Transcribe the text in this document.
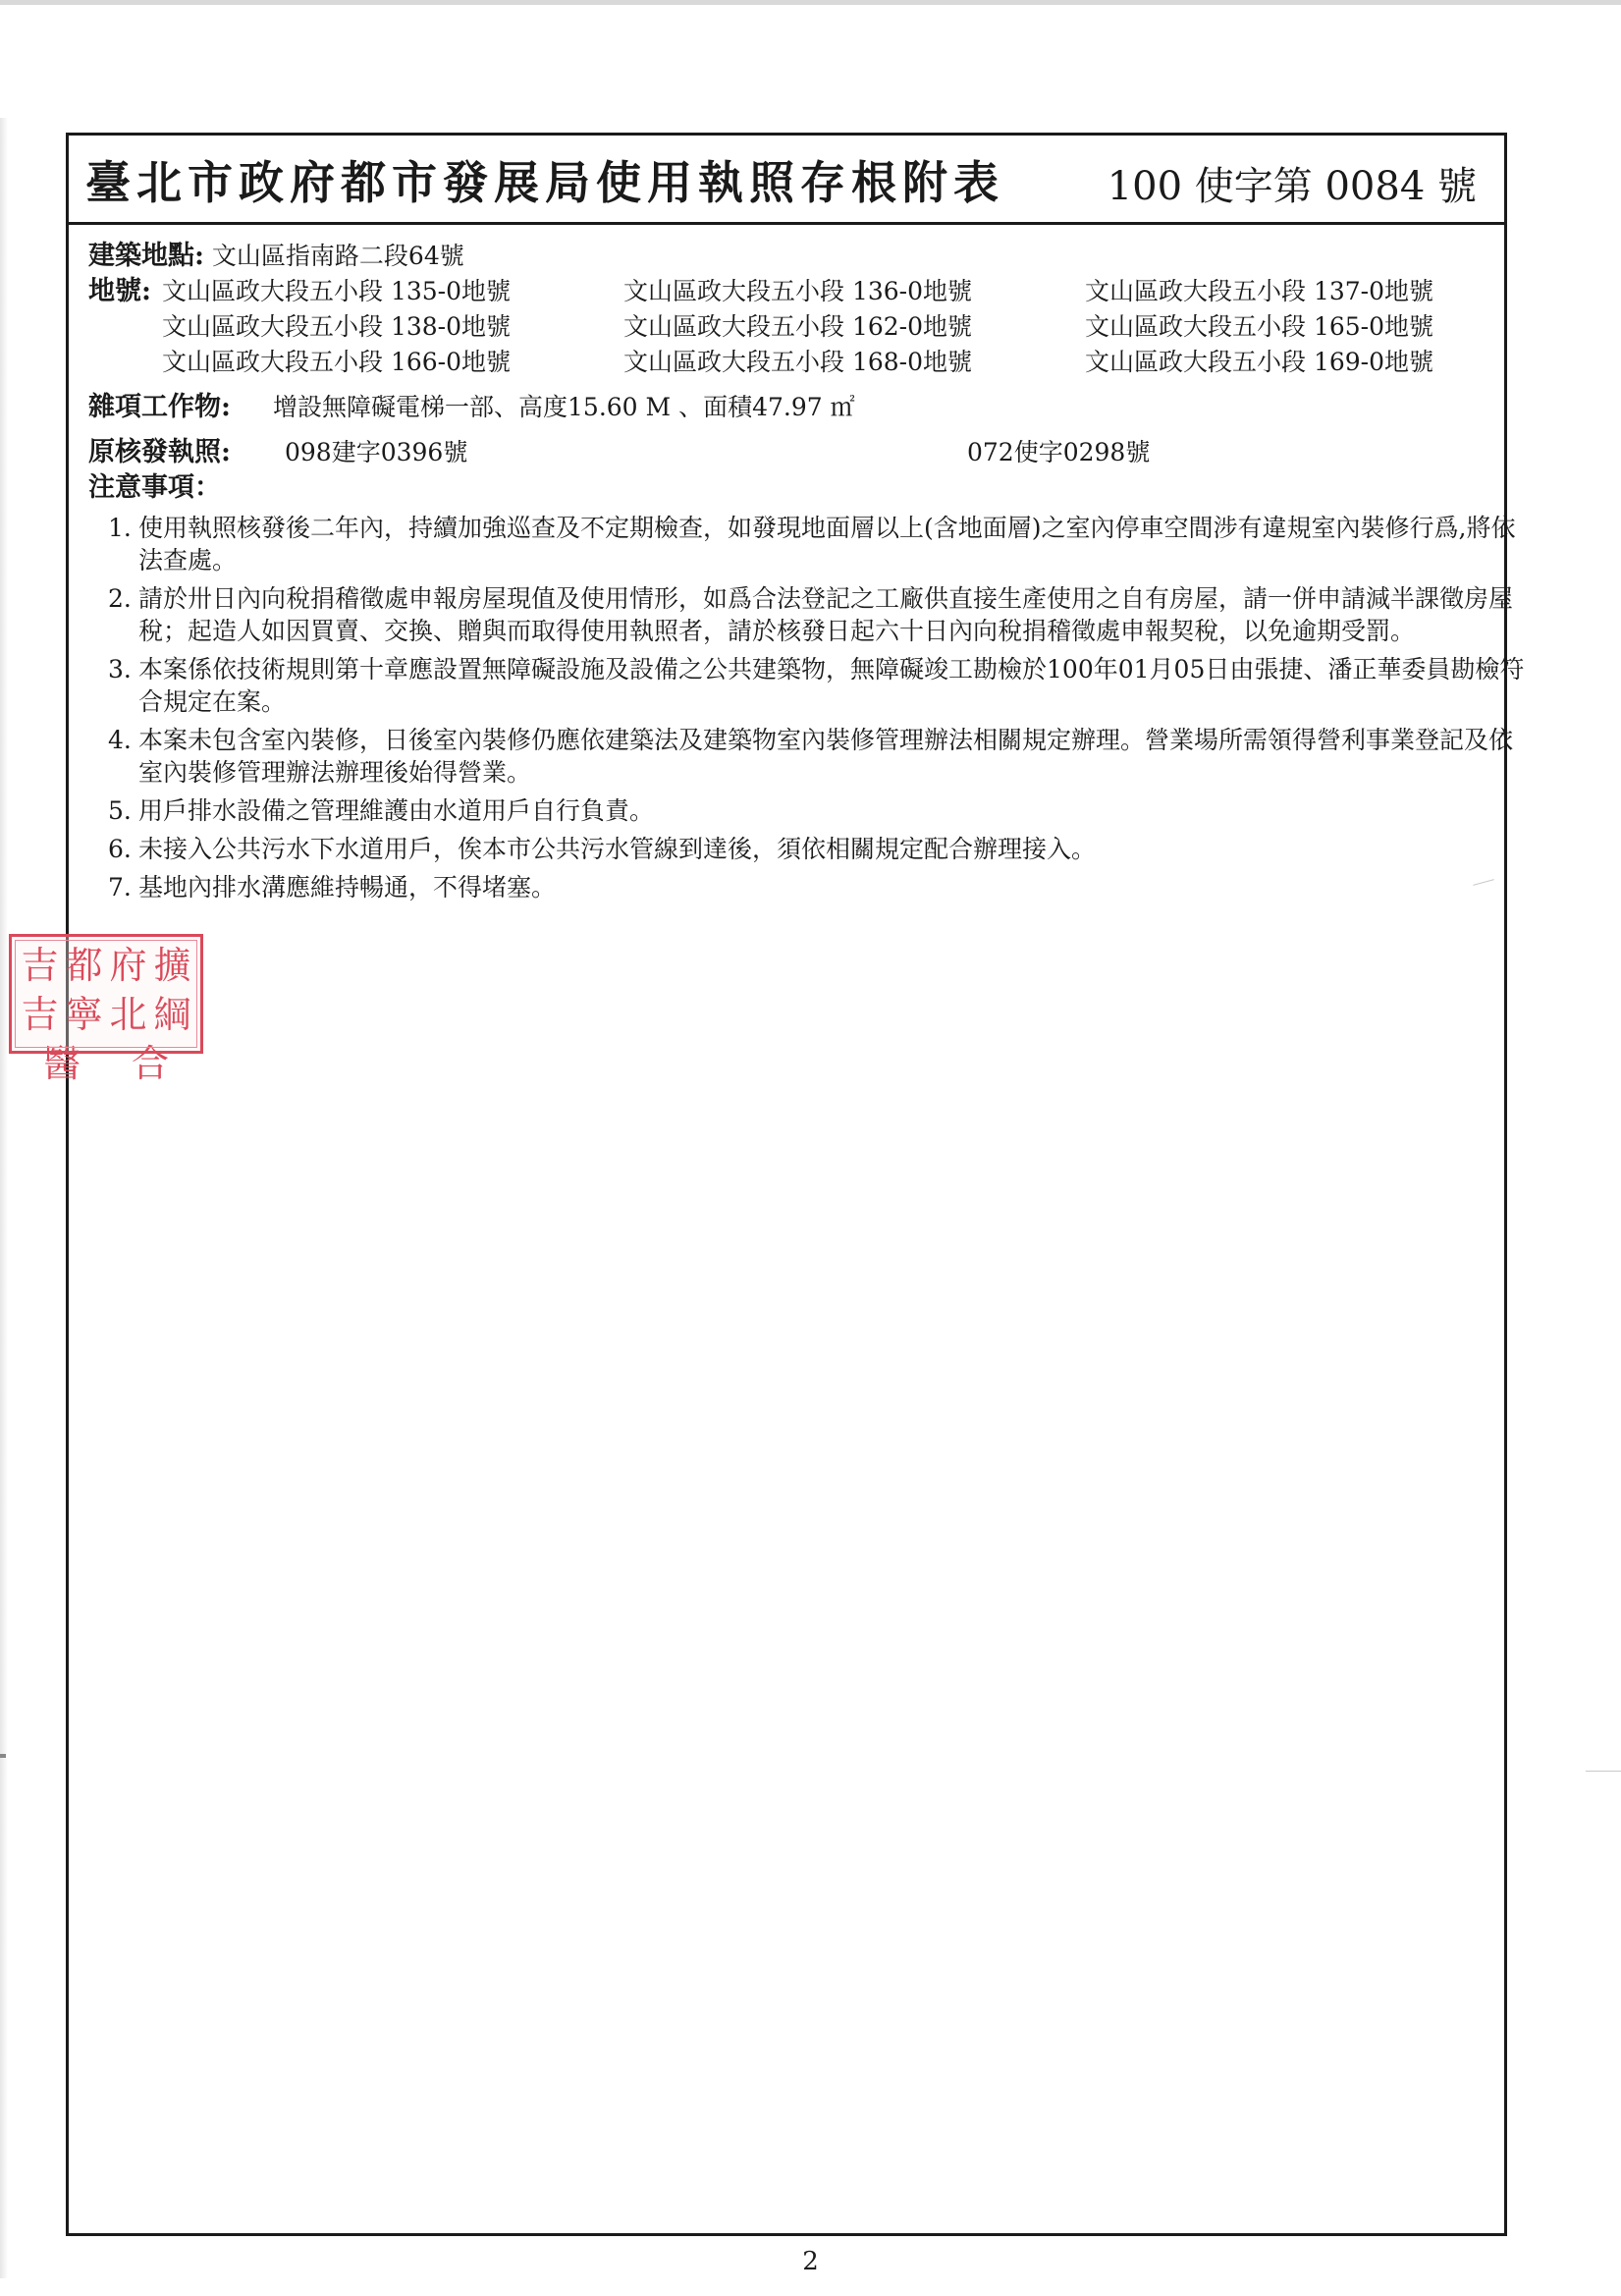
臺北市政府都市發展局使用執照存根附表	100 使字第 0084 號
建築地點: 文山區指南路二段64號
地號: 文山區政大段五小段 135-0地號	文山區政大段五小段 136-0地號	文山區政大段五小段 137-0地號
文山區政大段五小段 138-0地號	文山區政大段五小段 162-0地號	文山區政大段五小段 165-0地號
文山區政大段五小段 166-0地號	文山區政大段五小段 168-0地號	文山區政大段五小段 169-0地號
雜項工作物: 增設無障礙電梯一部、高度15.60 M 、面積47.97 ㎡
原核發執照: 098建字0396號	072使字0298號
注意事項：
1. 使用執照核發後二年內，持續加強巡查及不定期檢查，如發現地面層以上(含地面層)之室內停車空間涉有違規室內裝修行爲,將依法查處。
2. 請於卅日內向稅捐稽徵處申報房屋現值及使用情形，如爲合法登記之工廠供直接生產使用之自有房屋，請一併申請減半課徵房屋稅；起造人如因買賣、交換、贈與而取得使用執照者，請於核發日起六十日內向稅捐稽徵處申報契稅，以免逾期受罰。
3. 本案係依技術規則第十章應設置無障礙設施及設備之公共建築物，無障礙竣工勘檢於100年01月05日由張捷、潘正華委員勘檢符合規定在案。
4. 本案未包含室內裝修，日後室內裝修仍應依建築法及建築物室內裝修管理辦法相關規定辦理。營業場所需領得營利事業登記及依室內裝修管理辦法辦理後始得營業。
5. 用戶排水設備之管理維護由水道用戶自行負責。
6. 未接入公共污水下水道用戶，俟本市公共污水管線到達後，須依相關規定配合辦理接入。
7. 基地內排水溝應維持暢通，不得堵塞。
吉 都 府 擴
吉 寧 北 綱
醫 合
2
